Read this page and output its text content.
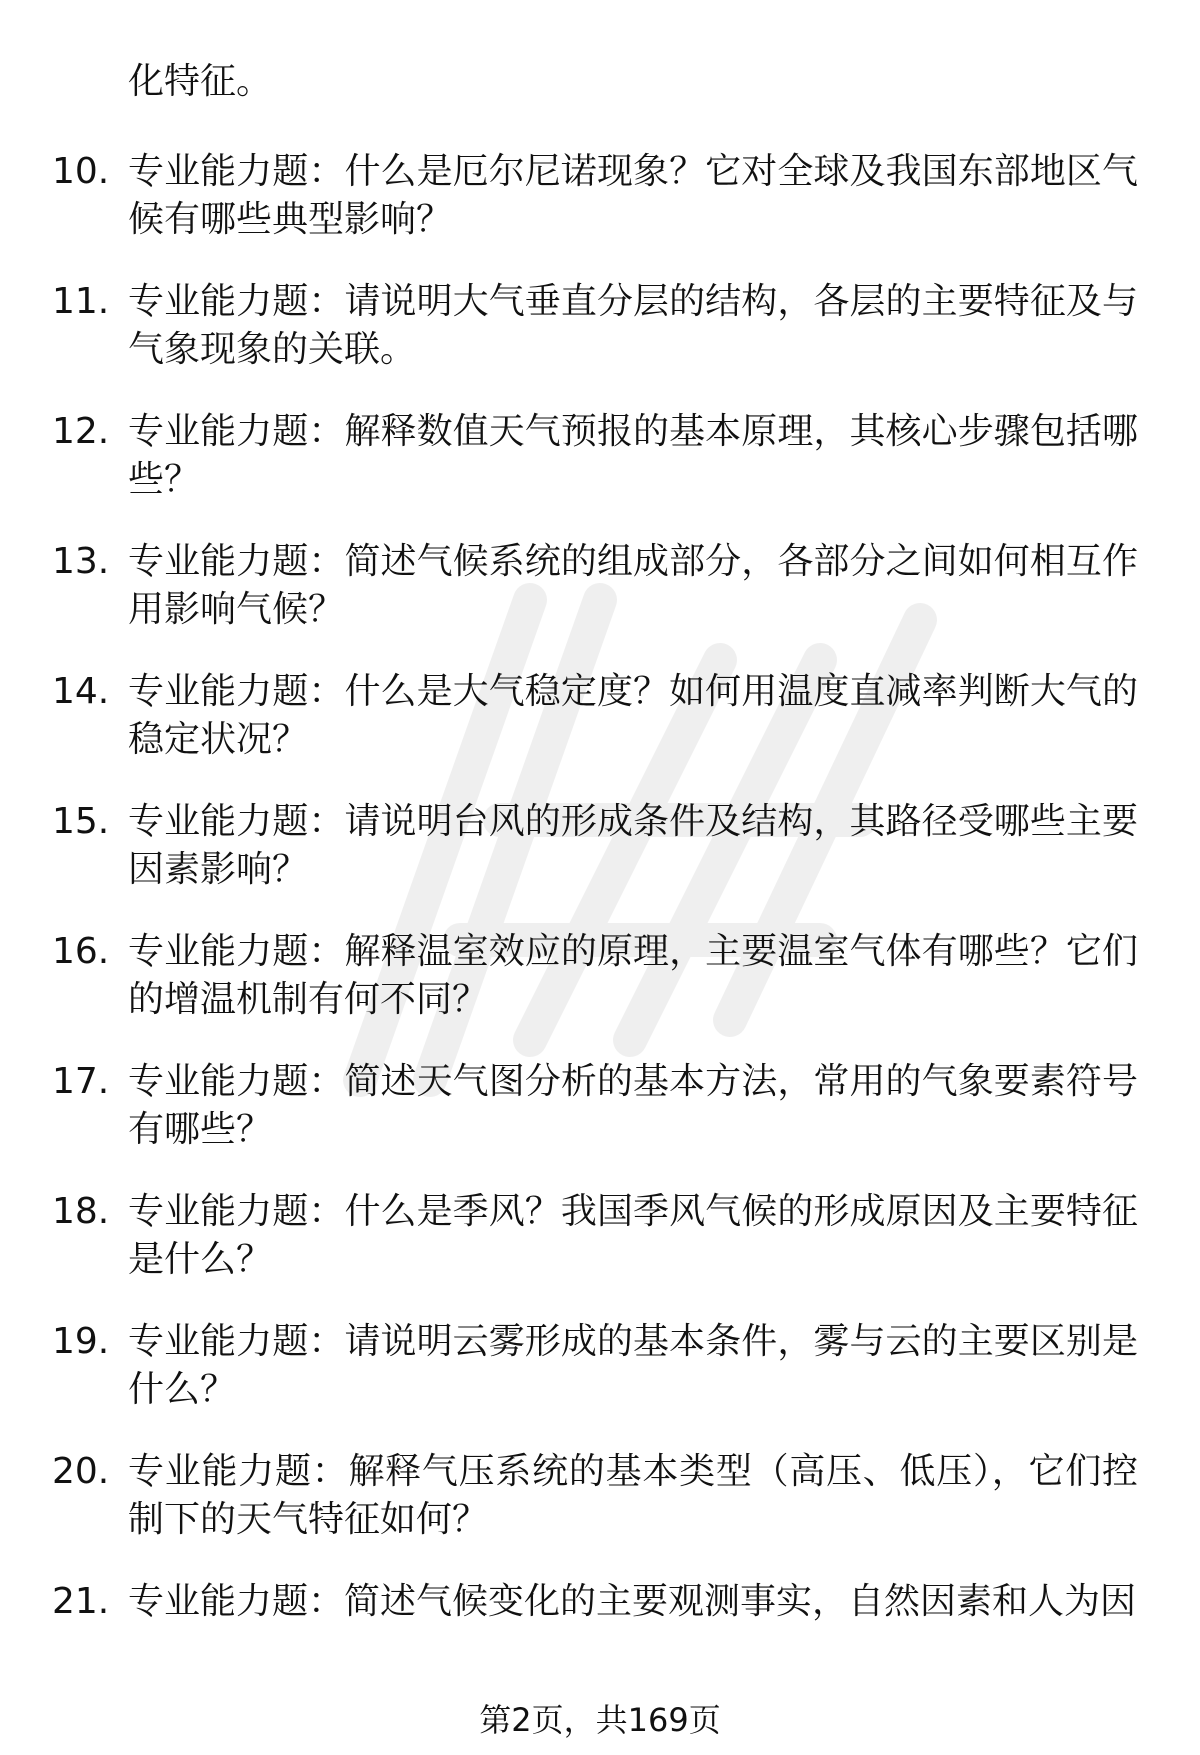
化特征。
10. 专业能力题：什么是厄尔尼诺现象？它对全球及我国东部地区气候有哪些典型影响？
11. 专业能力题：请说明大气垂直分层的结构，各层的主要特征及与气象现象的关联。
12. 专业能力题：解释数值天气预报的基本原理，其核心步骤包括哪些？
13. 专业能力题：简述气候系统的组成部分，各部分之间如何相互作用影响气候？
14. 专业能力题：什么是大气稳定度？如何用温度直减率判断大气的稳定状况？
15. 专业能力题：请说明台风的形成条件及结构，其路径受哪些主要因素影响？
16. 专业能力题：解释温室效应的原理，主要温室气体有哪些？它们的增温机制有何不同？
17. 专业能力题：简述天气图分析的基本方法，常用的气象要素符号有哪些？
18. 专业能力题：什么是季风？我国季风气候的形成原因及主要特征是什么？
19. 专业能力题：请说明云雾形成的基本条件，雾与云的主要区别是什么？
20. 专业能力题：解释气压系统的基本类型（高压、低压），它们控制下的天气特征如何？
21. 专业能力题：简述气候变化的主要观测事实，自然因素和人为因
第2页，共169页
